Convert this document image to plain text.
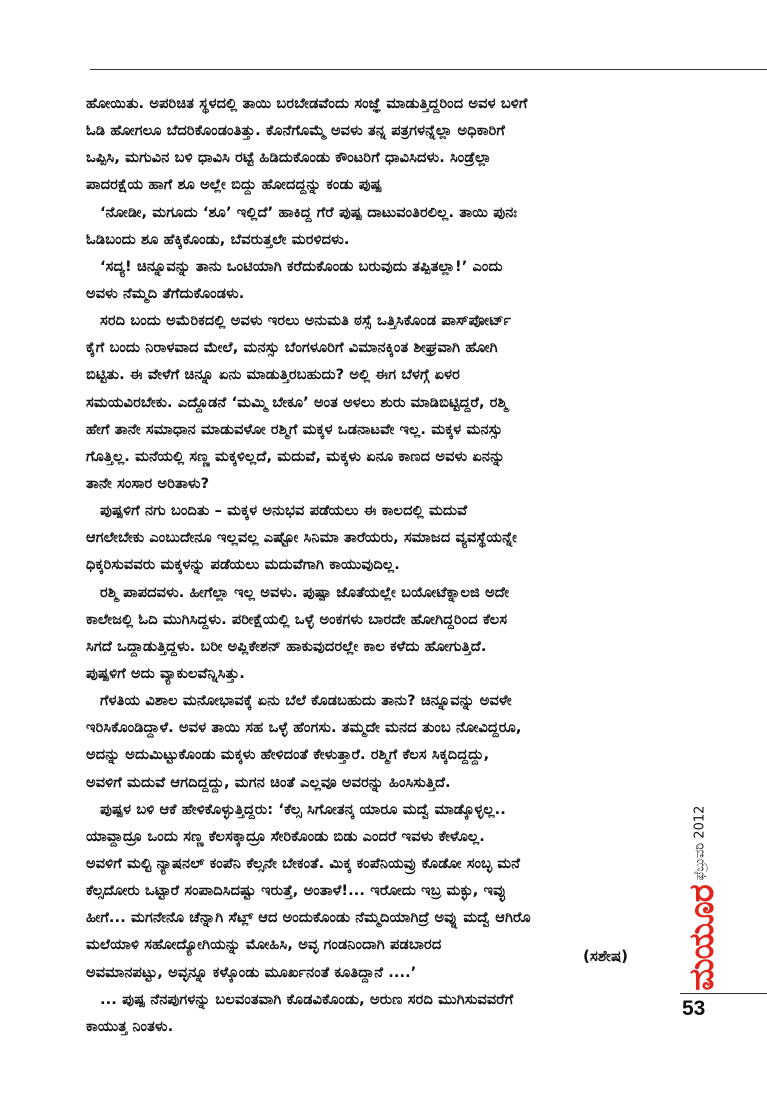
ಹೋಯಿತು. ಅಪರಿಚಿತ ಸ್ಥಳದಲ್ಲಿ ತಾಯಿ ಬರಬೇಡವೆಂದು ಸಂಜ್ಞೆ ಮಾಡುತ್ತಿದ್ದರಿಂದ ಅವಳ ಬಳಿಗೆ
ಓಡಿ ಹೋಗಲೂ ಬೆದರಿಕೊಂಡಂತಿತ್ತು. ಕೊನೆಗೊಮ್ಮೆ ಅವಳು ತನ್ನ ಪತ್ರಗಳನ್ನೆಲ್ಲಾ ಅಧಿಕಾರಿಗೆ
ಒಪ್ಪಿಸಿ, ಮಗುವಿನ ಬಳಿ ಧಾವಿಸಿ ರಟ್ಟೆ ಹಿಡಿದುಕೊಂಡು ಕೌಂಟರಿಗೆ ಧಾವಿಸಿದಳು. ಸಿಂಡ್ರೆಲ್ಲಾ
ಪಾದರಕ್ಷೆಯ ಹಾಗೆ ಶೂ ಅಲ್ಲೇ ಬಿದ್ದು ಹೋದದ್ದನ್ನು ಕಂಡು ಪುಷ್ಪ
‘ನೋಡೀ, ಮಗೂದು ‘ಶೂ’ ಇಲ್ಲಿದೆ’ ಹಾಕಿದ್ದ ಗೆರೆ ಪುಷ್ಪ ದಾಟುವಂತಿರಲಿಲ್ಲ. ತಾಯಿ ಪುನಃ
ಓಡಿಬಂದು ಶೂ ಹೆಕ್ಕಿಕೊಂಡು, ಬೆವರುತ್ತಲೇ ಮರಳಿದಳು.
‘ಸದ್ಯ! ಚಿನ್ನೂವನ್ನು ತಾನು ಒಂಟಿಯಾಗಿ ಕರೆದುಕೊಂಡು ಬರುವುದು ತಪ್ಪಿತಲ್ಲಾ!’ ಎಂದು
ಅವಳು ನೆಮ್ಮದಿ ತೆಗೆದುಕೊಂಡಳು.
ಸರದಿ ಬಂದು ಅಮೆರಿಕದಲ್ಲಿ ಅವಳು ಇರಲು ಅನುಮತಿ ಠಸ್ಸೆ ಒತ್ತಿಸಿಕೊಂಡ ಪಾಸ್‌ಪೋರ್ಟ್
ಕೈಗೆ ಬಂದು ನಿರಾಳವಾದ ಮೇಲೆ, ಮನಸ್ಸು ಬೆಂಗಳೂರಿಗೆ ವಿಮಾನಕ್ಕಿಂತ ಶೀಘ್ರವಾಗಿ ಹೋಗಿ
ಬಿಟ್ಟಿತು. ಈ ವೇಳೆಗೆ ಚಿನ್ನೂ ಏನು ಮಾಡುತ್ತಿರಬಹುದು? ಅಲ್ಲಿ ಈಗ ಬೆಳಗ್ಗೆ ಏಳರ
ಸಮಯವಿರಬೇಕು. ಎದ್ದೊಡನೆ ‘ಮಮ್ಮಿ ಬೇಕೂ’ ಅಂತ ಅಳಲು ಶುರು ಮಾಡಿಬಿಟ್ಟಿದ್ದರೆ, ರಶ್ಮಿ
ಹೇಗೆ ತಾನೇ ಸಮಾಧಾನ ಮಾಡುವಳೋ ರಶ್ಮಿಗೆ ಮಕ್ಕಳ ಒಡನಾಟವೇ ಇಲ್ಲ. ಮಕ್ಕಳ ಮನಸ್ಸು
ಗೊತ್ತಿಲ್ಲ. ಮನೆಯಲ್ಲಿ ಸಣ್ಣ ಮಕ್ಕಳಿಲ್ಲದೆ, ಮದುವೆ, ಮಕ್ಕಳು ಏನೂ ಕಾಣದ ಅವಳು ಏನನ್ನು
ತಾನೇ ಸಂಸಾರ ಅರಿತಾಳು?
ಪುಷ್ಪಳಿಗೆ ನಗು ಬಂದಿತು – ಮಕ್ಕಳ ಅನುಭವ ಪಡೆಯಲು ಈ ಕಾಲದಲ್ಲಿ ಮದುವೆ
ಆಗಲೇಬೇಕು ಎಂಬುದೇನೂ ಇಲ್ಲವಲ್ಲ ಎಷ್ಟೋ ಸಿನಿಮಾ ತಾರೆಯರು, ಸಮಾಜದ ವ್ಯವಸ್ಥೆಯನ್ನೇ
ಧಿಕ್ಕರಿಸುವವರು ಮಕ್ಕಳನ್ನು ಪಡೆಯಲು ಮದುವೆಗಾಗಿ ಕಾಯುವುದಿಲ್ಲ.
ರಶ್ಮಿ ಪಾಪದವಳು. ಹೀಗೆಲ್ಲಾ ಇಲ್ಲ ಅವಳು. ಪುಷ್ಪಾ ಜೊತೆಯಲ್ಲೇ ಬಯೋಟೆಕ್ನಾಲಜಿ ಅದೇ
ಕಾಲೇಜಲ್ಲಿ ಓದಿ ಮುಗಿಸಿದ್ದಳು. ಪರೀಕ್ಷೆಯಲ್ಲಿ ಒಳ್ಳೆ ಅಂಕಗಳು ಬಾರದೇ ಹೋಗಿದ್ದರಿಂದ ಕೆಲಸ
ಸಿಗದೆ ಒದ್ದಾಡುತ್ತಿದ್ದಳು. ಬರೀ ಅಪ್ಲಿಕೇಶನ್ ಹಾಕುವುದರಲ್ಲೇ ಕಾಲ ಕಳೆದು ಹೋಗುತ್ತಿದೆ.
ಪುಷ್ಪಳಿಗೆ ಅದು ವ್ಯಾಕುಲವೆನ್ನಿಸಿತ್ತು.
ಗೆಳತಿಯ ವಿಶಾಲ ಮನೋಭಾವಕ್ಕೆ ಏನು ಬೆಲೆ ಕೊಡಬಹುದು ತಾನು? ಚಿನ್ನೂವನ್ನು ಅವಳೇ
ಇರಿಸಿಕೊಂಡಿದ್ದಾಳೆ. ಅವಳ ತಾಯಿ ಸಹ ಒಳ್ಳೆ ಹೆಂಗಸು. ತಮ್ಮದೇ ಮನದ ತುಂಬ ನೋವಿದ್ದರೂ,
ಅದನ್ನು ಅದುಮಿಟ್ಟುಕೊಂಡು ಮಕ್ಕಳು ಹೇಳಿದಂತೆ ಕೇಳುತ್ತಾರೆ. ರಶ್ಮಿಗೆ ಕೆಲಸ ಸಿಕ್ಕದಿದ್ದದ್ದು,
ಅವಳಿಗೆ ಮದುವೆ ಆಗದಿದ್ದದ್ದು, ಮಗನ ಚಿಂತೆ ಎಲ್ಲವೂ ಅವರನ್ನು ಹಿಂಸಿಸುತ್ತಿದೆ.
ಪುಷ್ಪಳ ಬಳಿ ಆಕೆ ಹೇಳಿಕೊಳ್ಳುತ್ತಿದ್ದರು: ‘ಕೆಲ್ಸ ಸಿಗೋತನ್ಕ ಯಾರೂ ಮದ್ವೆ ಮಾಡ್ಕೊಳ್ಳಲ್ಲ..
ಯಾವ್ದಾದ್ರೂ ಒಂದು ಸಣ್ಣ ಕೆಲಸಕ್ಕಾದ್ರೂ ಸೇರಿಕೊಂಡು ಬಿಡು ಎಂದರೆ ಇವಳು ಕೇಳೊಲ್ಲ.
ಅವಳಿಗೆ ಮಲ್ಟಿ ನ್ಯಾಷನಲ್ ಕಂಪೆನಿ ಕೆಲ್ಸನೇ ಬೇಕಂತೆ. ಮಿಕ್ಕ ಕಂಪೆನಿಯವ್ರು ಕೊಡೋ ಸಂಬ್ಳ ಮನೆ
ಕೆಲ್ಸದೋರು ಒಟ್ಟಾರೆ ಸಂಪಾದಿಸಿದಷ್ಟು ಇರುತ್ತೆ, ಅಂತಾಳೆ!... ಇರೋದು ಇಬ್ರ ಮಕ್ಳು, ಇವ್ಳು
ಹೀಗೆ... ಮಗನೇನೊ ಚೆನ್ನಾಗಿ ಸೆಟ್ಲ್ ಆದ ಅಂದುಕೊಂಡು ನೆಮ್ಮದಿಯಾಗಿದ್ರೆ ಅವ್ನು ಮದ್ವೆ ಆಗಿರೊ
ಮಲೆಯಾಳಿ ಸಹೋದ್ಯೋಗಿಯನ್ನು ಮೋಹಿಸಿ, ಅವ್ಳ ಗಂಡನಿಂದಾಗಿ ಪಡಬಾರದ
ಅವಮಾನಪಟ್ಟು, ಅವ್ಳನ್ನೂ ಕಳ್ಕೊಂಡು ಮೂರ್ಖನಂತೆ ಕೂತಿದ್ದಾನೆ ....’
... ಪುಷ್ಪ ನೆನಪುಗಳನ್ನು ಬಲವಂತವಾಗಿ ಕೊಡವಿಕೊಂಡು, ಅರುಣ ಸರದಿ ಮುಗಿಸುವವರೆಗೆ
ಕಾಯುತ್ತ ನಿಂತಳು.
(ಸಶೇಷ)
ಫೆಬ್ರುವರಿ 2012
ಮಯೂರ
53
